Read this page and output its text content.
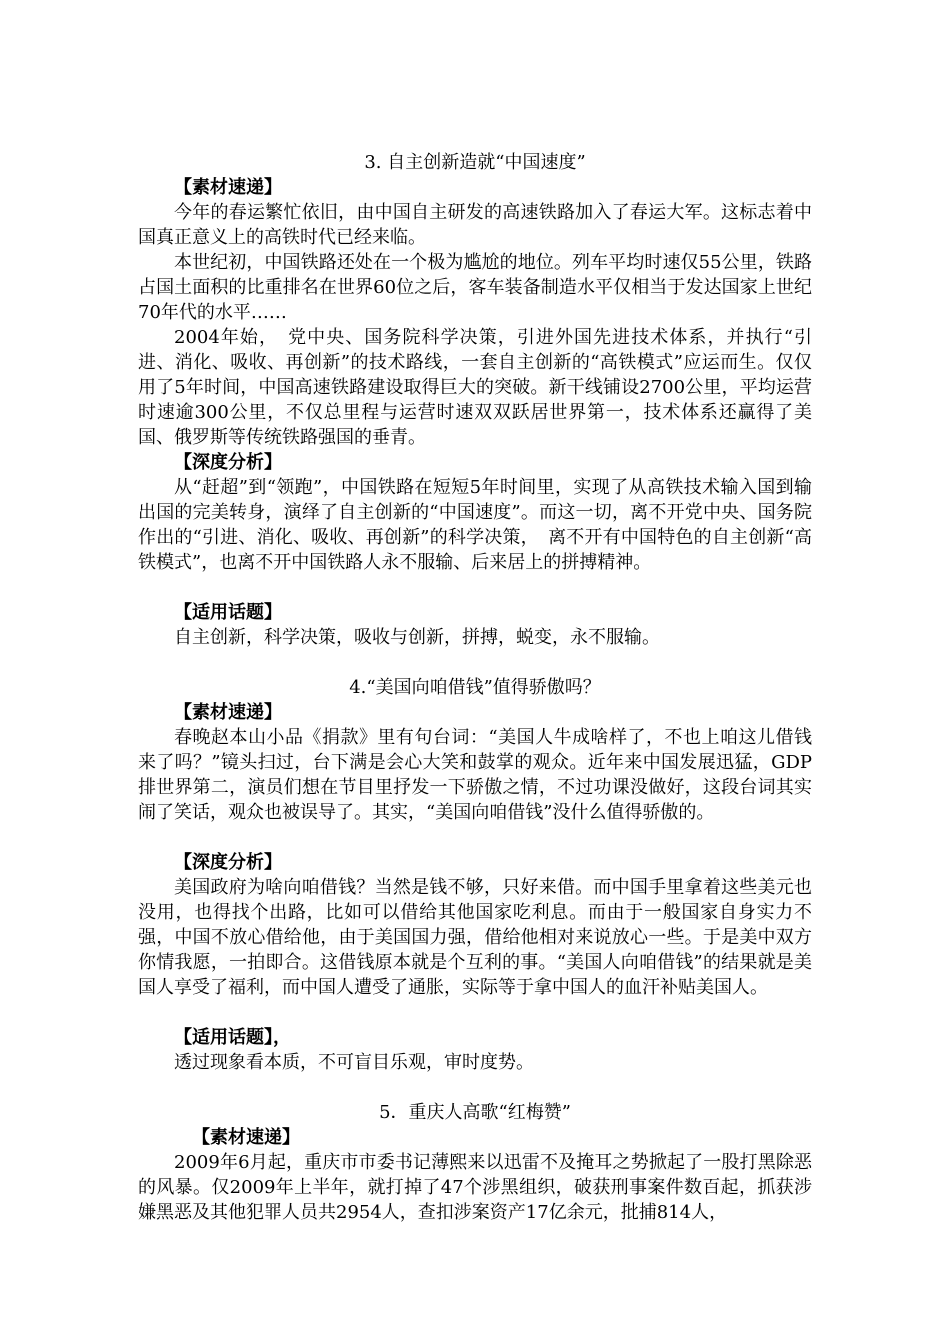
3. 自主创新造就“中国速度”
【素材速递】

今年的春运繁忙依旧，由中国自主研发的高速铁路加入了春运大军。这标志着中国真正意义上的高铁时代已经来临。

本世纪初，中国铁路还处在一个极为尴尬的地位。列车平均时速仅55公里，铁路占国土面积的比重排名在世界60位之后，客车装备制造水平仅相当于发达国家上世纪70年代的水平……

2004年始，　党中央、国务院科学决策，引进外国先进技术体系，并执行“引进、消化、吸收、再创新”的技术路线，一套自主创新的“高铁模式”应运而生。仅仅用了5年时间，中国高速铁路建设取得巨大的突破。新干线铺设2700公里，平均运营时速逾300公里，不仅总里程与运营时速双双跃居世界第一，技术体系还赢得了美国、俄罗斯等传统铁路强国的垂青。

【深度分析】

从“赶超”到“领跑”，中国铁路在短短5年时间里，实现了从高铁技术输入国到输出国的完美转身，演绎了自主创新的“中国速度”。而这一切，离不开党中央、国务院作出的“引进、消化、吸收、再创新”的科学决策，　离不开有中国特色的自主创新“高铁模式”，也离不开中国铁路人永不服输、后来居上的拼搏精神。

【适用话题】

自主创新，科学决策，吸收与创新，拼搏，蜕变，永不服输。

4.“美国向咱借钱”值得骄傲吗？
【素材速递】

春晚赵本山小品《捐款》里有句台词：“美国人牛成啥样了，不也上咱这儿借钱来了吗？”镜头扫过，台下满是会心大笑和鼓掌的观众。近年来中国发展迅猛，GDP排世界第二，演员们想在节目里抒发一下骄傲之情，不过功课没做好，这段台词其实闹了笑话，观众也被误导了。其实，“美国向咱借钱”没什么值得骄傲的。

【深度分析】

美国政府为啥向咱借钱？当然是钱不够，只好来借。而中国手里拿着这些美元也没用，也得找个出路，比如可以借给其他国家吃利息。而由于一般国家自身实力不强，中国不放心借给他，由于美国国力强，借给他相对来说放心一些。于是美中双方你情我愿，一拍即合。这借钱原本就是个互利的事。“美国人向咱借钱”的结果就是美国人享受了福利，而中国人遭受了通胀，实际等于拿中国人的血汗补贴美国人。

【适用话题】，

透过现象看本质，不可盲目乐观，审时度势。

5．重庆人高歌“红梅赞”
【素材速递】

2009年6月起，重庆市市委书记薄熙来以迅雷不及掩耳之势掀起了一股打黑除恶的风暴。仅2009年上半年，就打掉了47个涉黑组织，破获刑事案件数百起，抓获涉嫌黑恶及其他犯罪人员共2954人，查扣涉案资产17亿余元，批捕814人，
